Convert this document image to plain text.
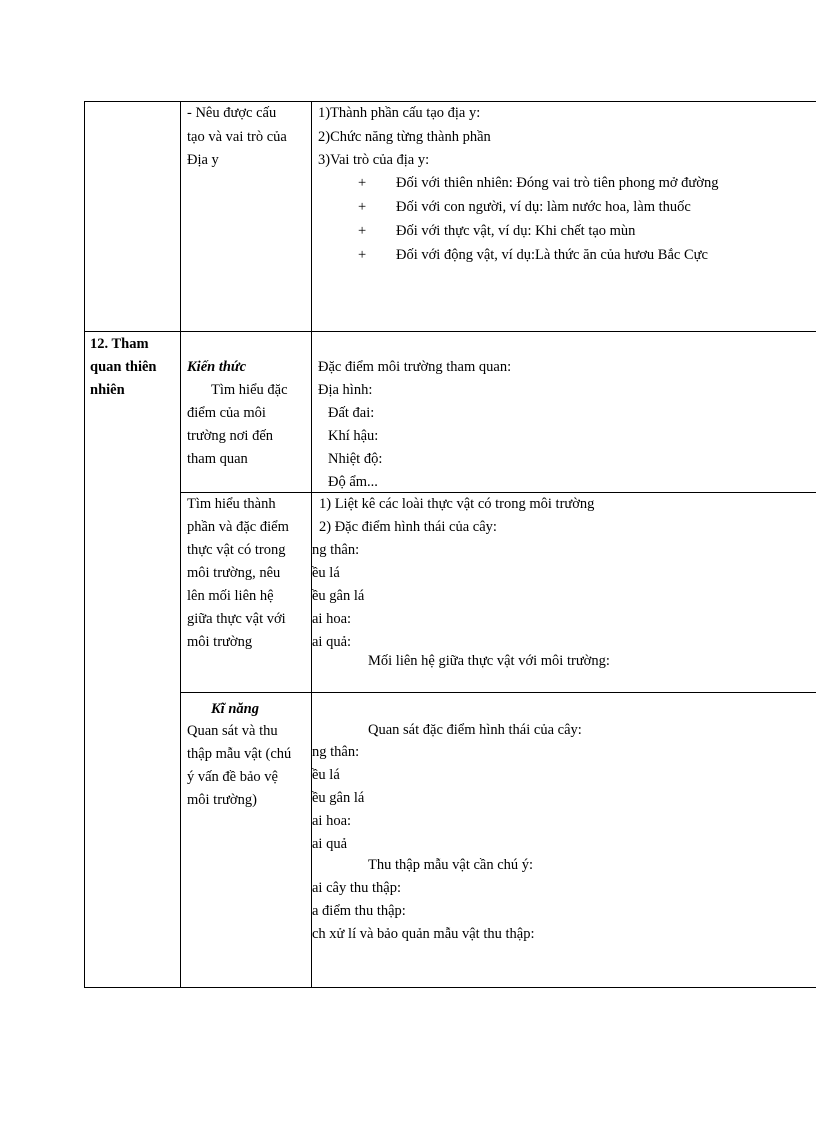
- Nêu được cấu
tạo và vai trò của
Địa y
1)Thành phần cấu tạo địa y:
2)Chức năng từng thành phần
3)Vai trò của địa y:
+ Đối với thiên nhiên: Đóng vai trò tiên phong mở đường
+ Đối với con người, ví dụ: làm nước hoa, làm thuốc
+ Đối với thực vật, ví dụ: Khi chết tạo mùn
+ Đối với động vật, ví dụ:Là thức ăn của hươu Bắc Cực
12. Tham
quan thiên
nhiên
Kiến thức
Tìm hiểu đặc
điểm của môi
trường nơi đến
tham quan
Đặc điểm môi trường tham quan:
Địa hình:
Đất đai:
Khí hậu:
Nhiệt độ:
Độ ẩm...
Tìm hiểu thành
phần và đặc điểm
thực vật có trong
môi trường, nêu
lên mối liên hệ
giữa thực vật với
môi trường
1) Liệt kê các loài thực vật có trong môi trường
2) Đặc điểm hình thái của cây:
ng thân:
ều lá
ều gân lá
ai hoa:
ai quả:
Mối liên hệ giữa thực vật với môi trường:
Kĩ năng
Quan sát và thu
thập mẫu vật (chú
ý vấn đề bảo vệ
môi trường)
Quan sát đặc điểm hình thái của cây:
ng thân:
ều lá
ều gân lá
ai hoa:
ai quả
Thu thập mẫu vật cần chú ý:
ai cây thu thập:
a điểm thu thập:
ch xử lí và bảo quản mẫu vật thu thập:
